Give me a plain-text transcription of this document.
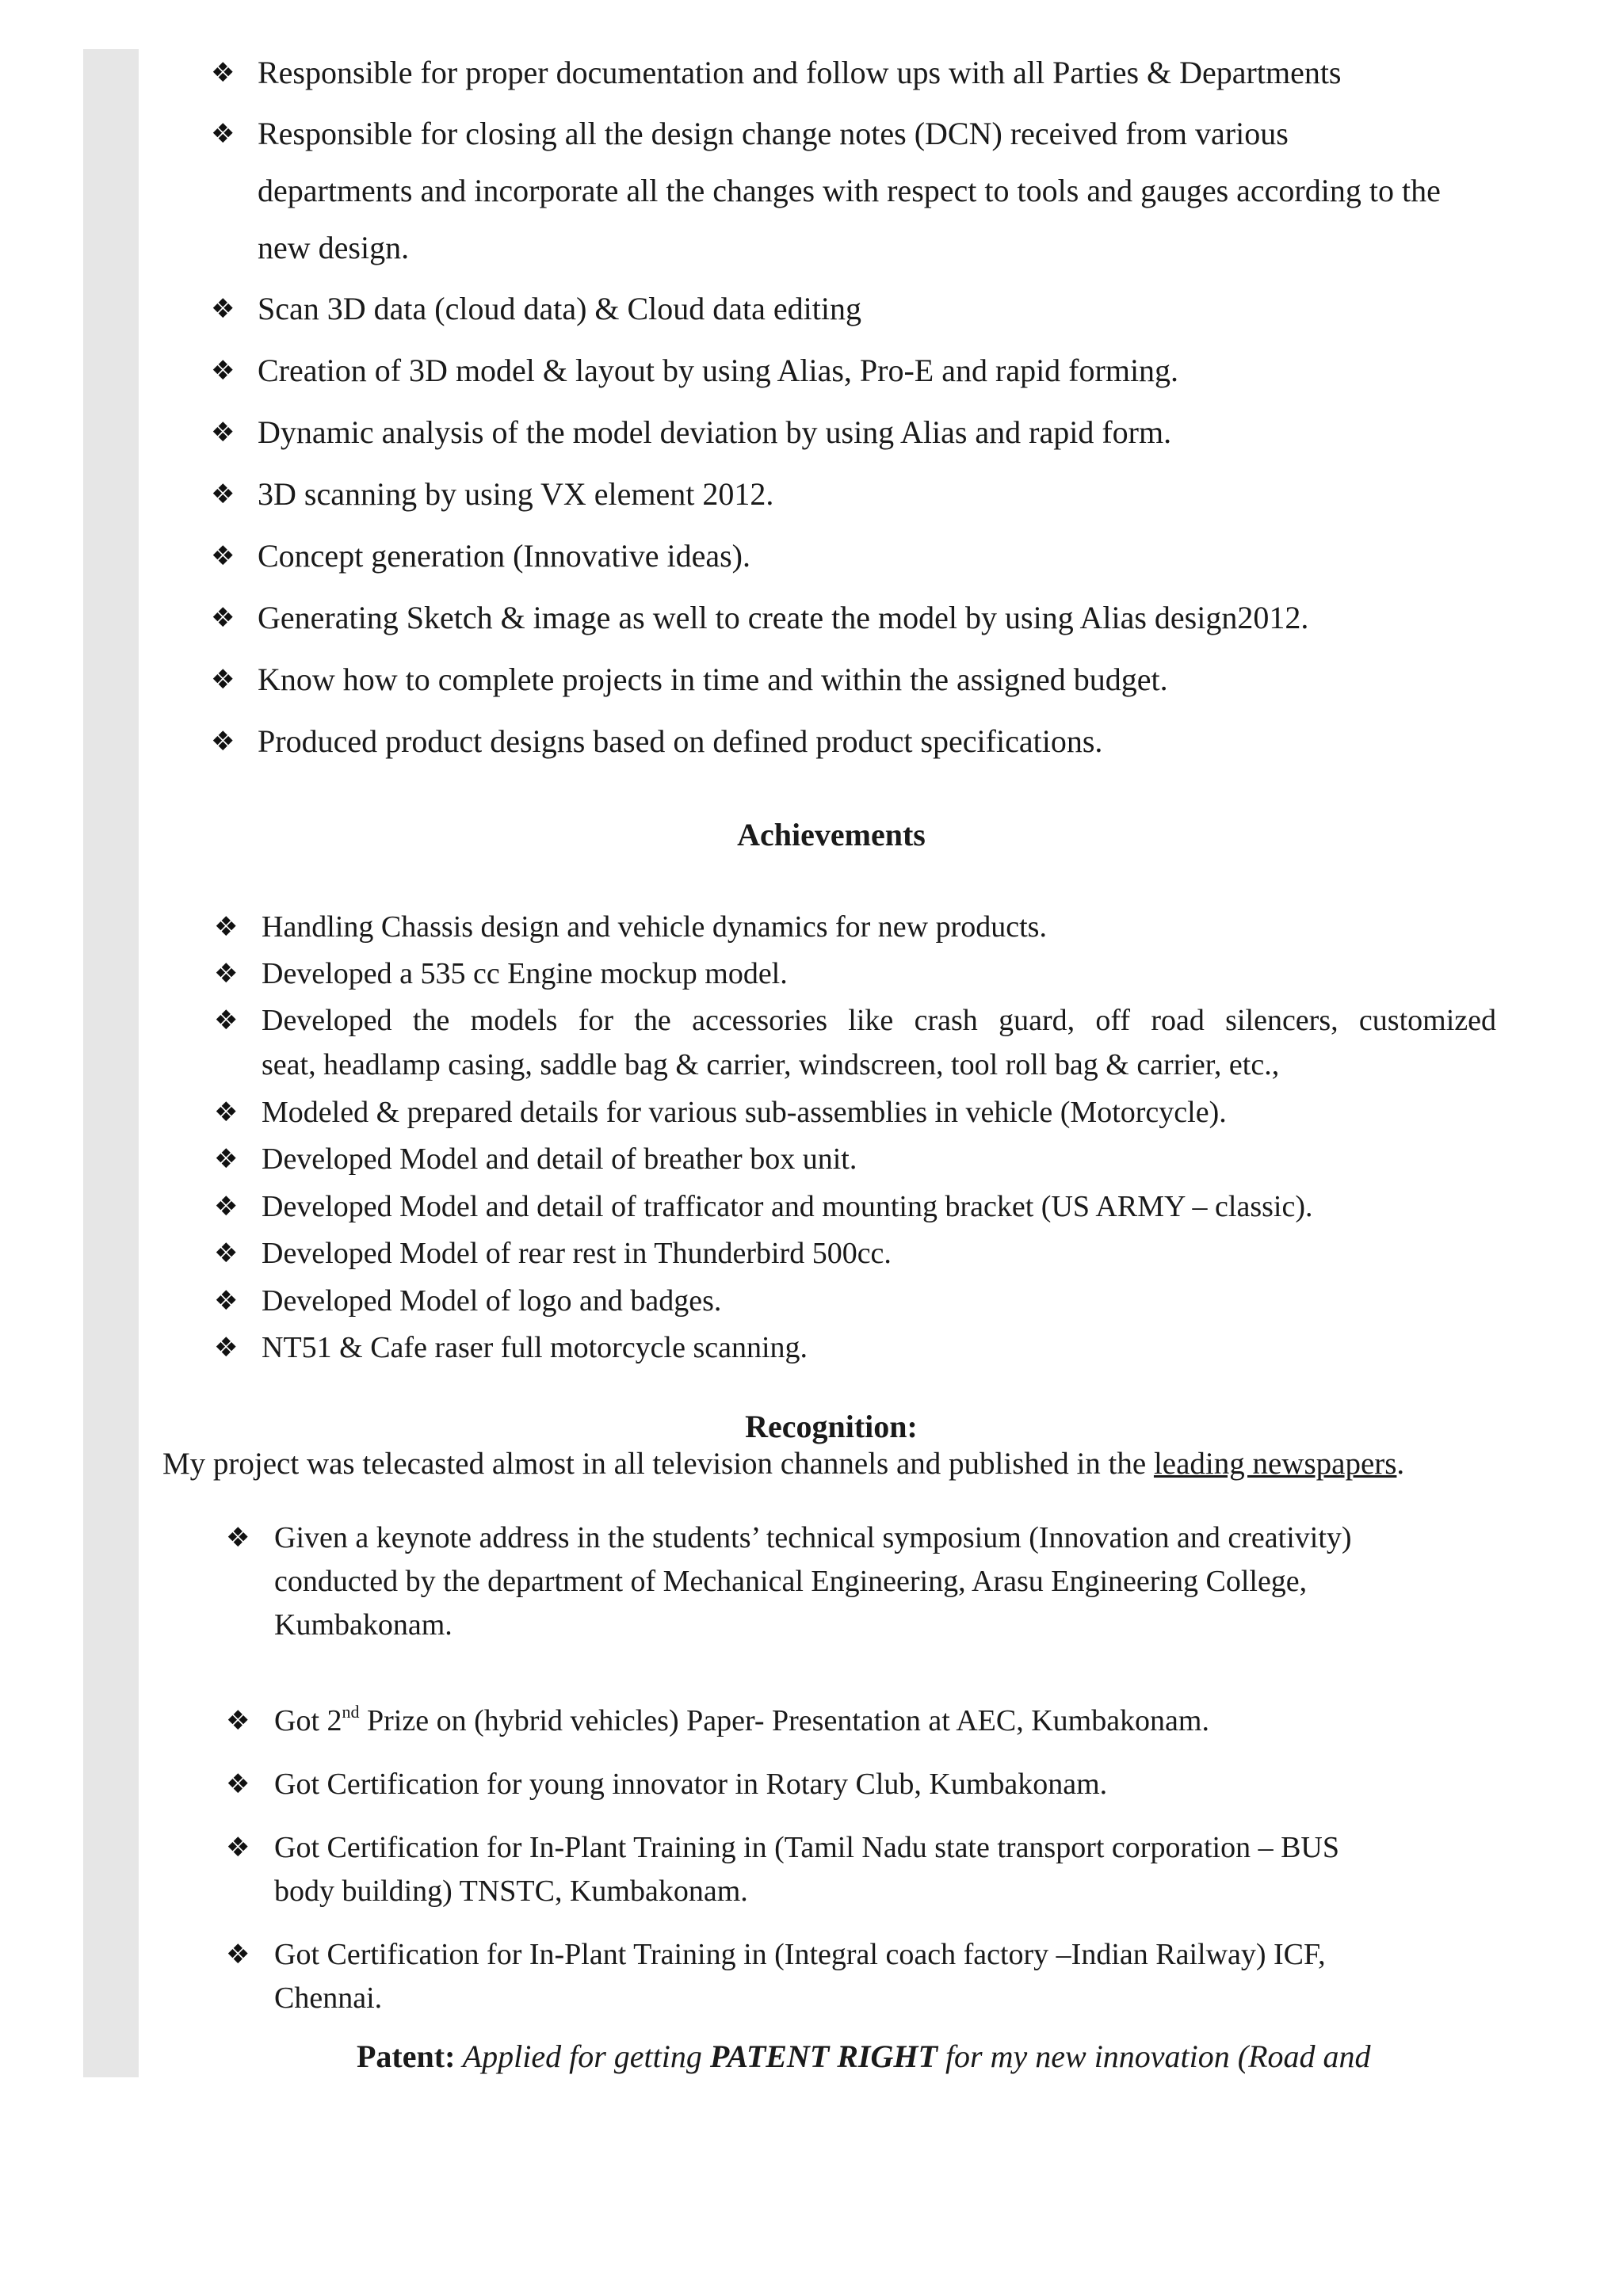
❖ Responsible for proper documentation and follow ups with all Parties & Departments
❖ Responsible for closing all the design change notes (DCN) received from various
departments and incorporate all the changes with respect to tools and gauges according to the
new design.
❖ Scan 3D data (cloud data) & Cloud data editing
❖ Creation of 3D model & layout by using Alias, Pro-E and rapid forming.
❖ Dynamic analysis of the model deviation by using Alias and rapid form.
❖ 3D scanning by using VX element 2012.
❖ Concept generation (Innovative ideas).
❖ Generating Sketch & image as well to create the model by using Alias design2012.
❖ Know how to complete projects in time and within the assigned budget.
❖ Produced product designs based on defined product specifications.
Achievements
❖ Handling Chassis design and vehicle dynamics for new products.
❖ Developed a 535 cc Engine mockup model.
❖ Developed the models for the accessories like crash guard, off road silencers, customized
seat, headlamp casing, saddle bag & carrier, windscreen, tool roll bag & carrier, etc.,
❖ Modeled & prepared details for various sub-assemblies in vehicle (Motorcycle).
❖ Developed Model and detail of breather box unit.
❖ Developed Model and detail of trafficator and mounting bracket (US ARMY – classic).
❖ Developed Model of rear rest in Thunderbird 500cc.
❖ Developed Model of logo and badges.
❖ NT51 & Cafe raser full motorcycle scanning.
Recognition:
My project was telecasted almost in all television channels and published in the leading newspapers.
❖ Given a keynote address in the students’ technical symposium (Innovation and creativity)
conducted by the department of Mechanical Engineering, Arasu Engineering College,
Kumbakonam.
❖ Got 2nd Prize on (hybrid vehicles) Paper- Presentation at AEC, Kumbakonam.
❖ Got Certification for young innovator in Rotary Club, Kumbakonam.
❖ Got Certification for In-Plant Training in (Tamil Nadu state transport corporation – BUS
body building) TNSTC, Kumbakonam.
❖ Got Certification for In-Plant Training in (Integral coach factory –Indian Railway) ICF,
Chennai.
Patent: Applied for getting PATENT RIGHT for my new innovation (Road and
